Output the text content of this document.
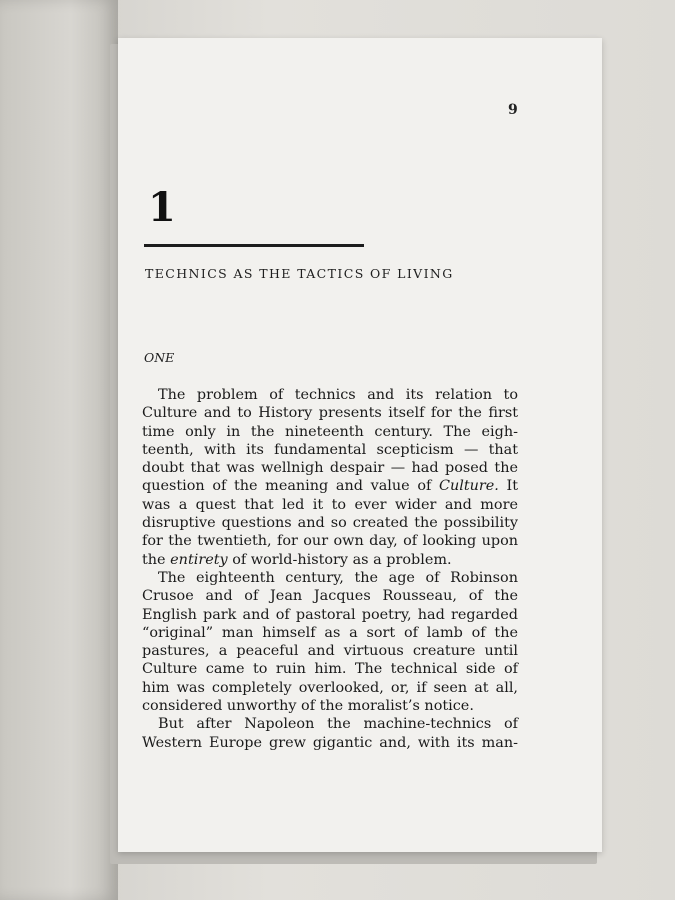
9
1
TECHNICS AS THE TACTICS OF LIVING
ONE
The problem of technics and its relation to
Culture and to History presents itself for the first
time only in the nineteenth century. The eigh-
teenth, with its fundamental scepticism — that
doubt that was wellnigh despair — had posed the
question of the meaning and value of Culture. It
was a quest that led it to ever wider and more
disruptive questions and so created the possibility
for the twentieth, for our own day, of looking upon
the entirety of world-history as a problem.
The eighteenth century, the age of Robinson
Crusoe and of Jean Jacques Rousseau, of the
English park and of pastoral poetry, had regarded
“original” man himself as a sort of lamb of the
pastures, a peaceful and virtuous creature until
Culture came to ruin him. The technical side of
him was completely overlooked, or, if seen at all,
considered unworthy of the moralist’s notice.
But after Napoleon the machine-technics of
Western Europe grew gigantic and, with its man-
